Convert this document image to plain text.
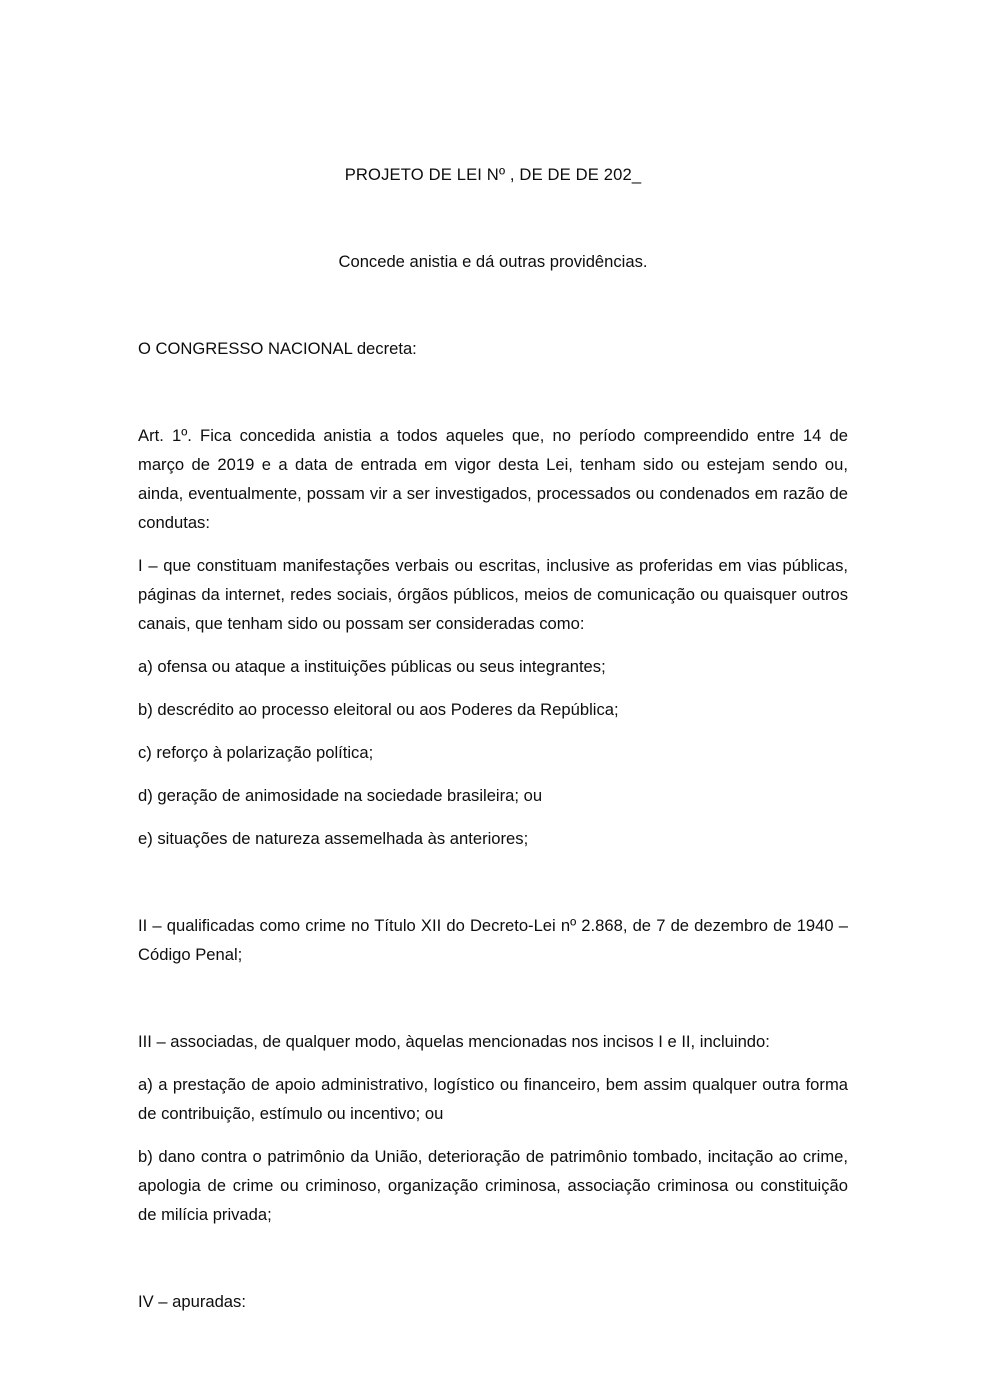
PROJETO DE LEI Nº , DE DE DE 202_
Concede anistia e dá outras providências.

O CONGRESSO NACIONAL decreta:

Art. 1º. Fica concedida anistia a todos aqueles que, no período compreendido entre 14 de março de 2019 e a data de entrada em vigor desta Lei, tenham sido ou estejam sendo ou, ainda, eventualmente, possam vir a ser investigados, processados ou condenados em razão de condutas:

I – que constituam manifestações verbais ou escritas, inclusive as proferidas em vias públicas, páginas da internet, redes sociais, órgãos públicos, meios de comunicação ou quaisquer outros canais, que tenham sido ou possam ser consideradas como:

a) ofensa ou ataque a instituições públicas ou seus integrantes;

b) descrédito ao processo eleitoral ou aos Poderes da República;

c) reforço à polarização política;

d) geração de animosidade na sociedade brasileira; ou

e) situações de natureza assemelhada às anteriores;

II – qualificadas como crime no Título XII do Decreto-Lei nº 2.868, de 7 de dezembro de 1940 – Código Penal;

III – associadas, de qualquer modo, àquelas mencionadas nos incisos I e II, incluindo:

a) a prestação de apoio administrativo, logístico ou financeiro, bem assim qualquer outra forma de contribuição, estímulo ou incentivo; ou

b) dano contra o patrimônio da União, deterioração de patrimônio tombado, incitação ao crime, apologia de crime ou criminoso, organização criminosa, associação criminosa ou constituição de milícia privada;

IV – apuradas:
